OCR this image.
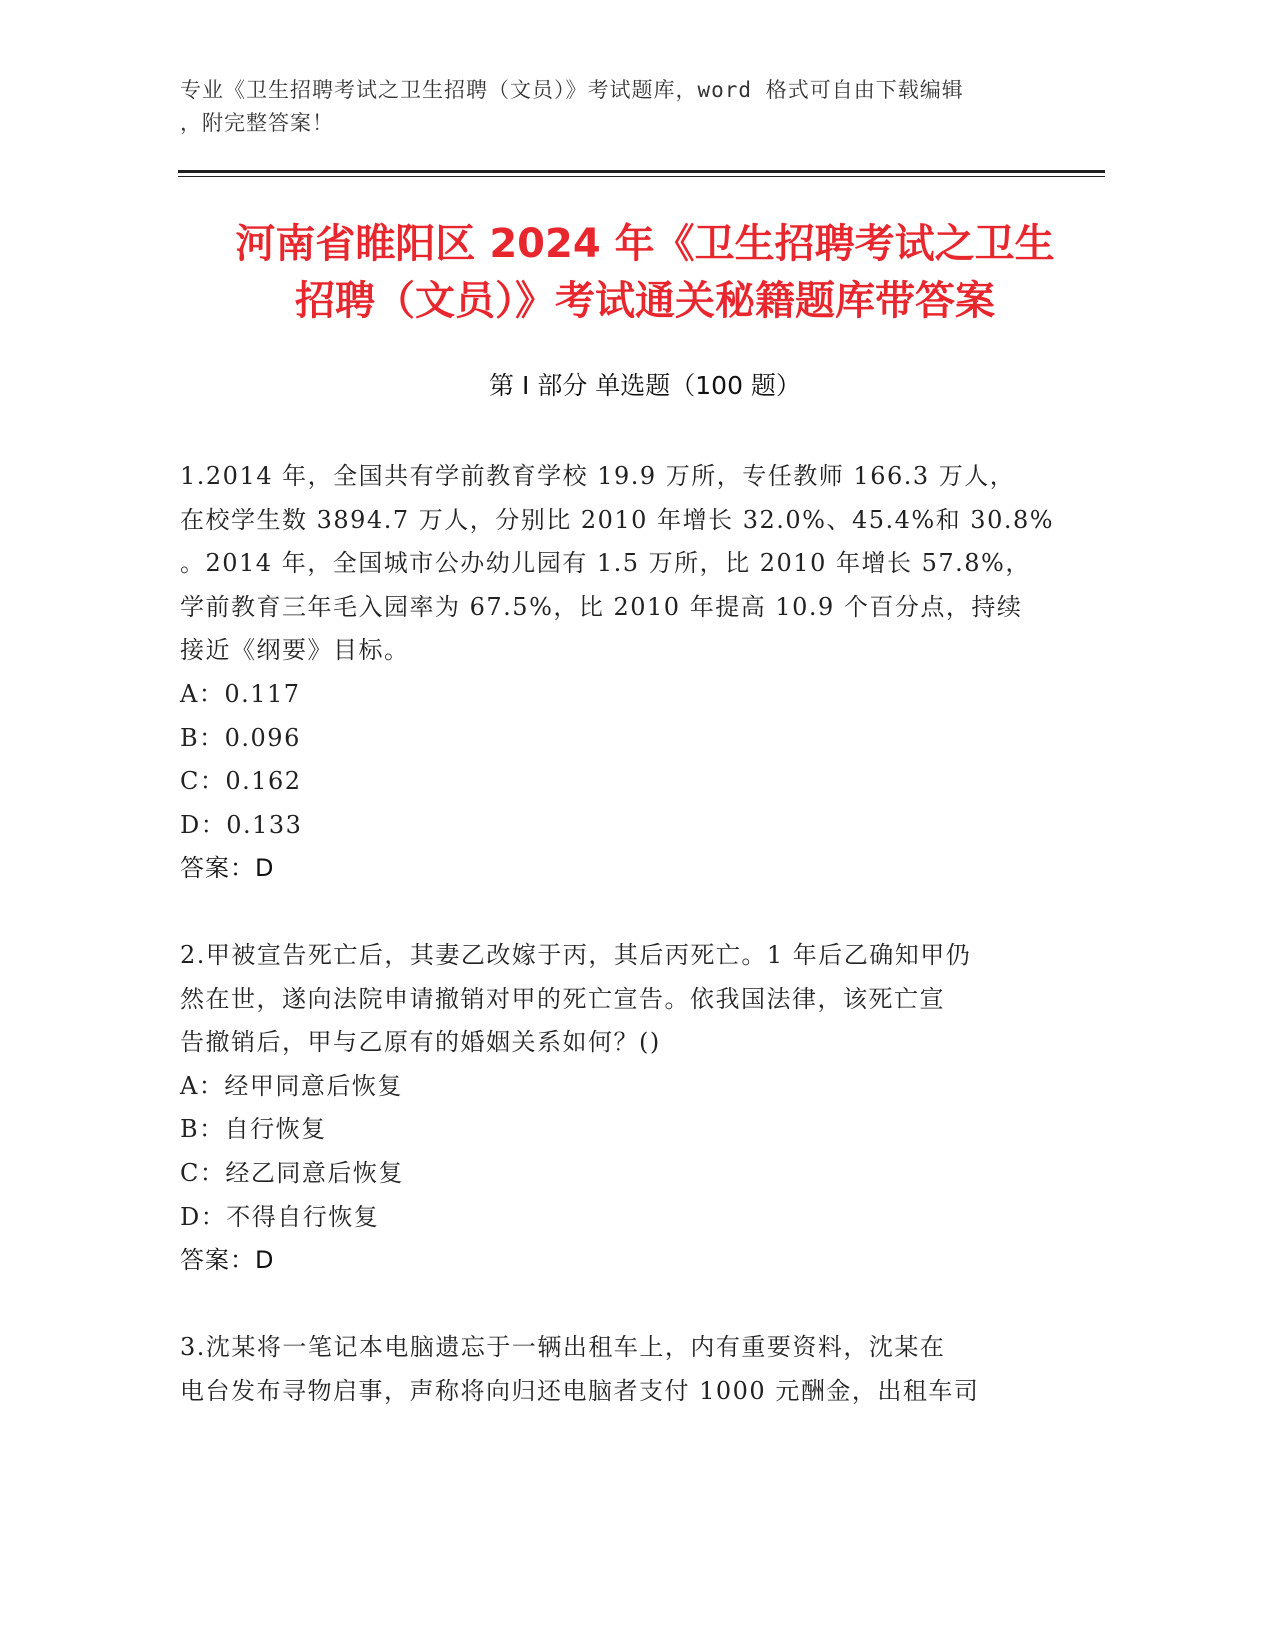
专业《卫生招聘考试之卫生招聘（文员）》考试题库，word 格式可自由下载编辑
，附完整答案！
河南省睢阳区 2024 年《卫生招聘考试之卫生
招聘（文员）》考试通关秘籍题库带答案
第 I 部分 单选题（100 题）
1.2014 年，全国共有学前教育学校 19.9 万所，专任教师 166.3 万人，
在校学生数 3894.7 万人，分别比 2010 年增长 32.0%、45.4%和 30.8%
。2014 年，全国城市公办幼儿园有 1.5 万所，比 2010 年增长 57.8%，
学前教育三年毛入园率为 67.5%，比 2010 年提高 10.9 个百分点，持续
接近《纲要》目标。
A：0.117
B：0.096
C：0.162
D：0.133
答案：D
2.甲被宣告死亡后，其妻乙改嫁于丙，其后丙死亡。1 年后乙确知甲仍
然在世，遂向法院申请撤销对甲的死亡宣告。依我国法律，该死亡宣
告撤销后，甲与乙原有的婚姻关系如何？()
A：经甲同意后恢复
B：自行恢复
C：经乙同意后恢复
D：不得自行恢复
答案：D
3.沈某将一笔记本电脑遗忘于一辆出租车上，内有重要资料，沈某在
电台发布寻物启事，声称将向归还电脑者支付 1000 元酬金，出租车司
